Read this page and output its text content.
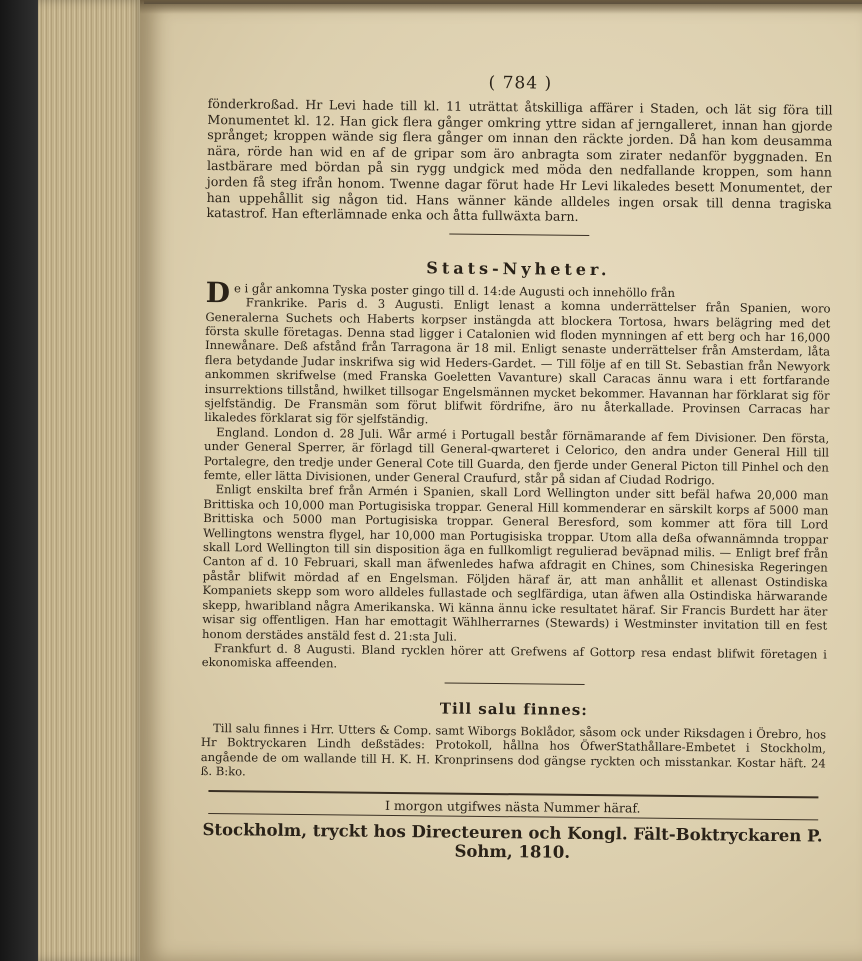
( 784 )

fönderkroßad. Hr Levi hade till kl. 11 uträttat åtskilliga affärer i Staden, och lät sig föra till Monumentet kl. 12. Han gick flera gånger omkring yttre sidan af jerngalleret, innan han gjorde språnget; kroppen wände sig flera gånger om innan den räckte jorden. Då han kom deusamma nära, rörde han wid en af de gripar som äro anbragta som zirater nedanför byggnaden. En lastbärare med bördan på sin rygg undgick med möda den nedfallande kroppen, som hann jorden få steg ifrån honom. Twenne dagar förut hade Hr Levi likaledes besett Monumentet, der han uppehållit sig någon tid. Hans wänner kände alldeles ingen orsak till denna tragiska katastrof. Han efterlämnade enka och åtta fullwäxta barn.

Stats-Nyheter.

De i går ankomna Tyska poster gingo till d. 14:de Augusti och innehöllo från

Frankrike. Paris d. 3 Augusti. Enligt lenast a komna underrättelser från Spanien, woro Generalerna Suchets och Haberts korpser instängda att blockera Tortosa, hwars belägring med det första skulle företagas. Denna stad ligger i Catalonien wid floden mynningen af ett berg och har 16,000 Innewånare. Deß afstånd från Tarragona är 18 mil. Enligt senaste underrättelser från Amsterdam, låta flera betydande Judar inskrifwa sig wid Heders-Gardet. — Till följe af en till St. Sebastian från Newyork ankommen skrifwelse (med Franska Goeletten Vavanture) skall Caracas ännu wara i ett fortfarande insurrektions tillstånd, hwilket tillsogar Engelsmännen mycket bekommer. Havannan har förklarat sig för sjelfständig. De Fransmän som förut blifwit fördrifne, äro nu återkallade. Provinsen Carracas har likaledes förklarat sig för sjelfständig.

England. London d. 28 Juli. Wår armé i Portugall består förnämarande af fem Divisioner. Den första, under General Sperrer, är förlagd till General-qwarteret i Celorico, den andra under General Hill till Portalegre, den tredje under General Cote till Guarda, den fjerde under General Picton till Pinhel och den femte, eller lätta Divisionen, under General Craufurd, står på sidan af Ciudad Rodrigo.

Enligt enskilta bref från Armén i Spanien, skall Lord Wellington under sitt befäl hafwa 20,000 man Brittiska och 10,000 man Portugisiska troppar. General Hill kommenderar en särskilt korps af 5000 man Brittiska och 5000 man Portugisiska troppar. General Beresford, som kommer att föra till Lord Wellingtons wenstra flygel, har 10,000 man Portugisiska troppar. Utom alla deßa ofwannämnda troppar skall Lord Wellington till sin disposition äga en fullkomligt regulierad beväpnad milis. — Enligt bref från Canton af d. 10 Februari, skall man äfwenledes hafwa afdragit en Chines, som Chinesiska Regeringen påstår blifwit mördad af en Engelsman. Följden häraf är, att man anhållit et allenast Ostindiska Kompaniets skepp som woro alldeles fullastade och seglfärdiga, utan äfwen alla Ostindiska härwarande skepp, hwaribland några Amerikanska. Wi känna ännu icke resultatet häraf. Sir Francis Burdett har äter wisar sig offentligen. Han har emottagit Wählherrarnes (Stewards) i Westminster invitation till en fest honom derstädes anstäld fest d. 21:sta Juli.

Frankfurt d. 8 Augusti. Bland rycklen hörer att Grefwens af Gottorp resa endast blifwit företagen i ekonomiska affeenden.

Till salu finnes:

Till salu finnes i Hrr. Utters & Comp. samt Wiborgs Boklådor, såsom ock under Riksdagen i Örebro, hos Hr Boktryckaren Lindh deßstädes: Protokoll, hållna hos ÖfwerStathållare-Embetet i Stockholm, angående de om wallande till H. K. H. Kronprinsens dod gängse ryckten och misstankar. Kostar häft. 24 ß. B:ko.

I morgon utgifwes nästa Nummer häraf.
Stockholm, tryckt hos Directeuren och Kongl. Fält-Boktryckaren P. Sohm, 1810.
